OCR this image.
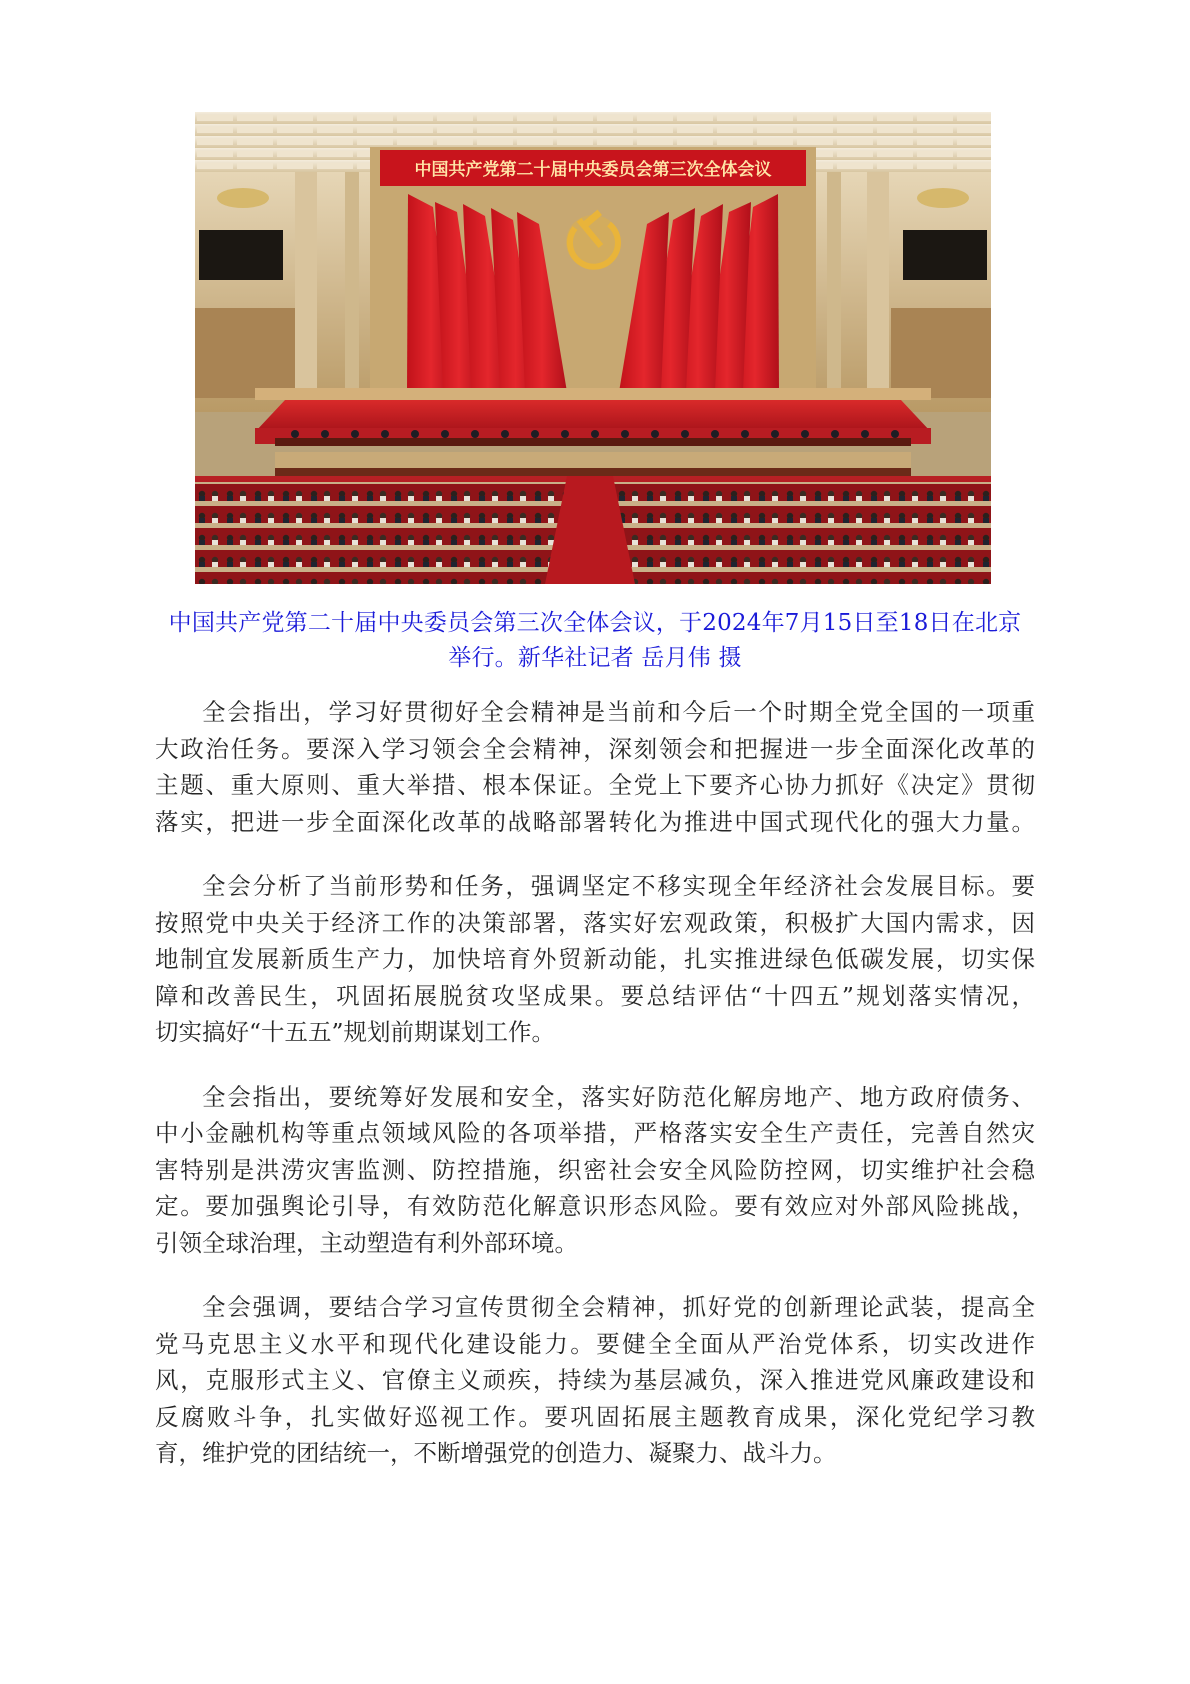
中国共产党第二十届中央委员会第三次全体会议
中国共产党第二十届中央委员会第三次全体会议，于2024年7月15日至18日在北京
举行。新华社记者 岳月伟 摄

全会指出，学习好贯彻好全会精神是当前和今后一个时期全党全国的一项重
大政治任务。要深入学习领会全会精神，深刻领会和把握进一步全面深化改革的
主题、重大原则、重大举措、根本保证。全党上下要齐心协力抓好《决定》贯彻
落实，把进一步全面深化改革的战略部署转化为推进中国式现代化的强大力量。

全会分析了当前形势和任务，强调坚定不移实现全年经济社会发展目标。要
按照党中央关于经济工作的决策部署，落实好宏观政策，积极扩大国内需求，因
地制宜发展新质生产力，加快培育外贸新动能，扎实推进绿色低碳发展，切实保
障和改善民生，巩固拓展脱贫攻坚成果。要总结评估“十四五”规划落实情况，
切实搞好“十五五”规划前期谋划工作。

全会指出，要统筹好发展和安全，落实好防范化解房地产、地方政府债务、
中小金融机构等重点领域风险的各项举措，严格落实安全生产责任，完善自然灾
害特别是洪涝灾害监测、防控措施，织密社会安全风险防控网，切实维护社会稳
定。要加强舆论引导，有效防范化解意识形态风险。要有效应对外部风险挑战，
引领全球治理，主动塑造有利外部环境。

全会强调，要结合学习宣传贯彻全会精神，抓好党的创新理论武装，提高全
党马克思主义水平和现代化建设能力。要健全全面从严治党体系，切实改进作
风，克服形式主义、官僚主义顽疾，持续为基层减负，深入推进党风廉政建设和
反腐败斗争，扎实做好巡视工作。要巩固拓展主题教育成果，深化党纪学习教
育，维护党的团结统一，不断增强党的创造力、凝聚力、战斗力。
